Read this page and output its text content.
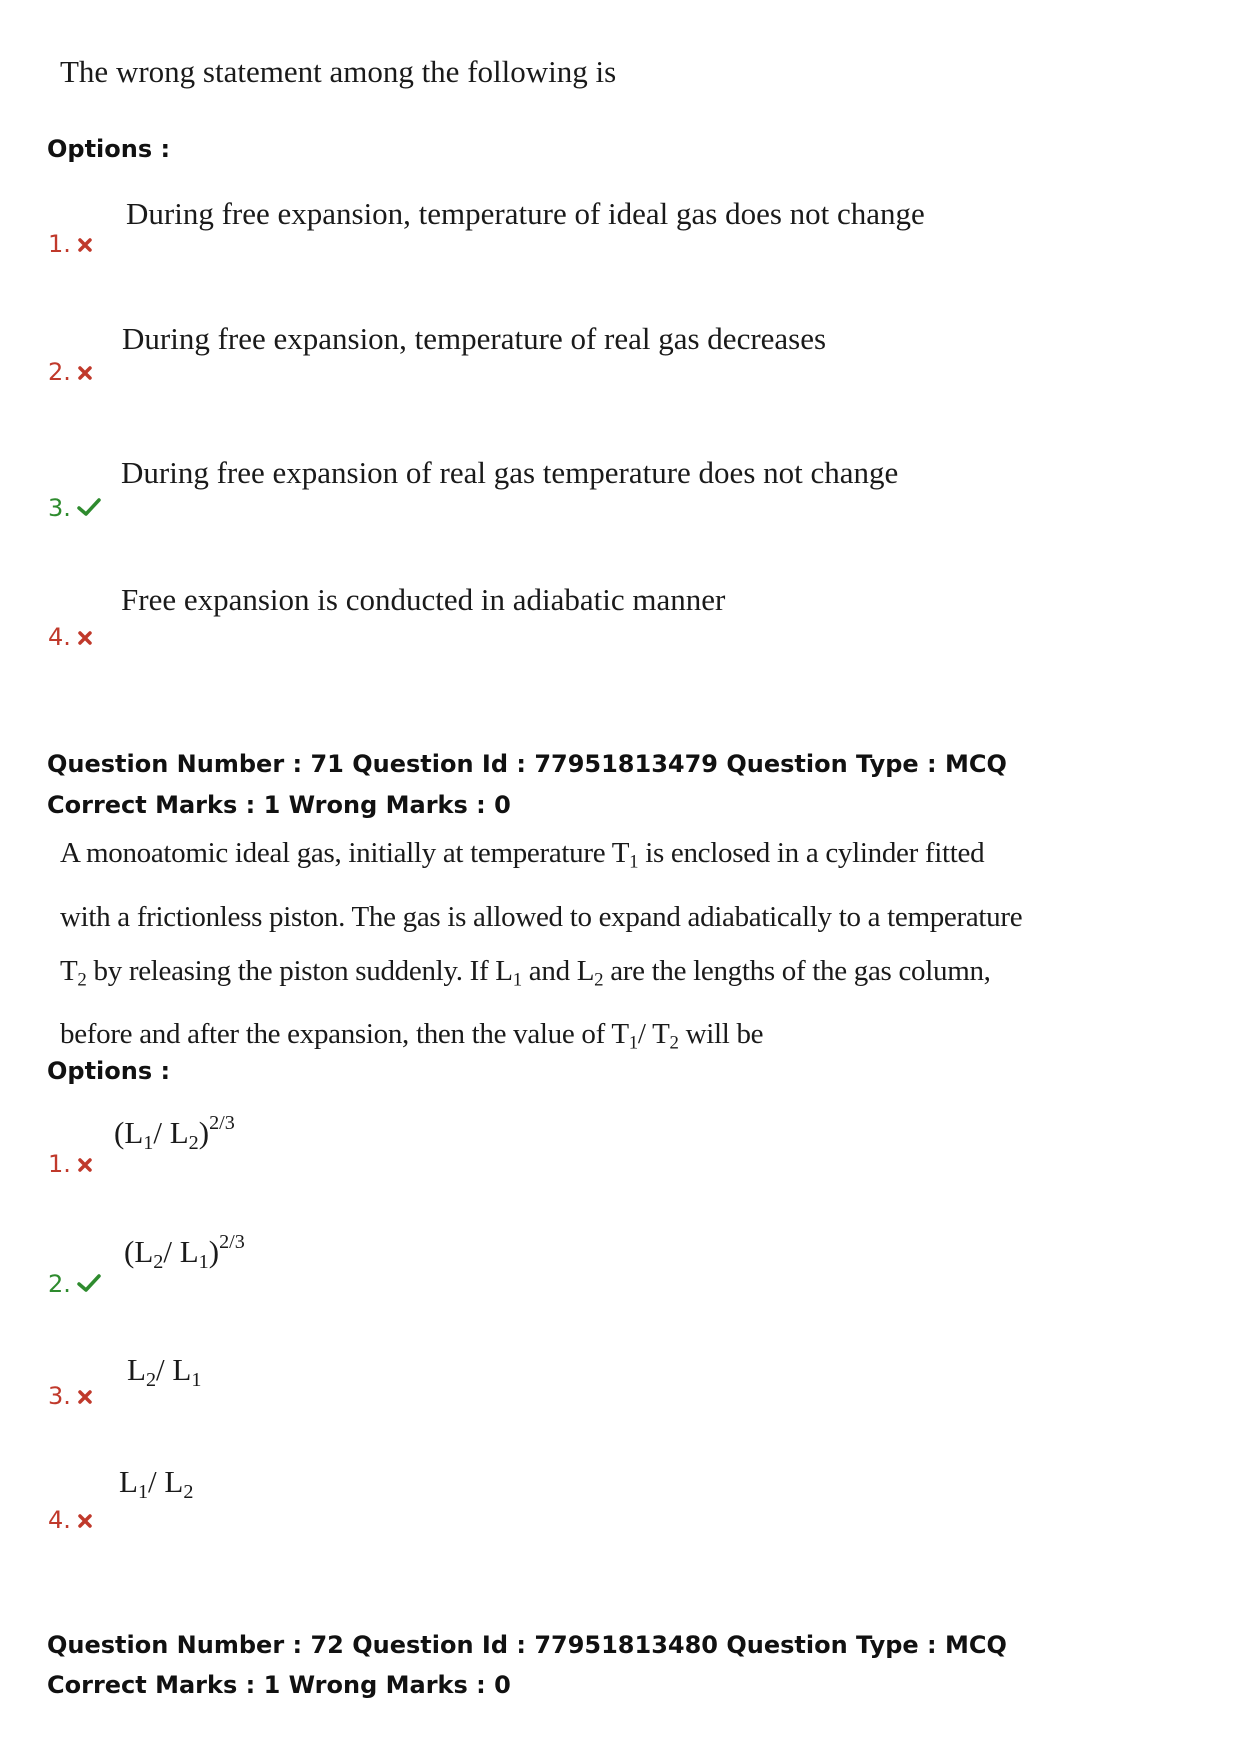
The wrong statement among the following is
Options :
During free expansion, temperature of ideal gas does not change
1.
During free expansion, temperature of real gas decreases
2.
During free expansion of real gas temperature does not change
3.
Free expansion is conducted in adiabatic manner
4.
Question Number : 71 Question Id : 77951813479 Question Type : MCQ
Correct Marks : 1 Wrong Marks : 0
A monoatomic ideal gas, initially at temperature $T_1$ is enclosed in a cylinder fitted
with a frictionless piston. The gas is allowed to expand adiabatically to a temperature
$T_2$ by releasing the piston suddenly. If $L_1$ and $L_2$ are the lengths of the gas column,
before and after the expansion, then the value of $T_1/$ $T_2$ will be
Options :
($L_1/$ $L_2)^{2/3}$
1.
($L_2/$ $L_1)^{2/3}$
2.
$L_2/$ $L_1$
3.
$L_1/$ $L_2$
4.
Question Number : 72 Question Id : 77951813480 Question Type : MCQ
Correct Marks : 1 Wrong Marks : 0
